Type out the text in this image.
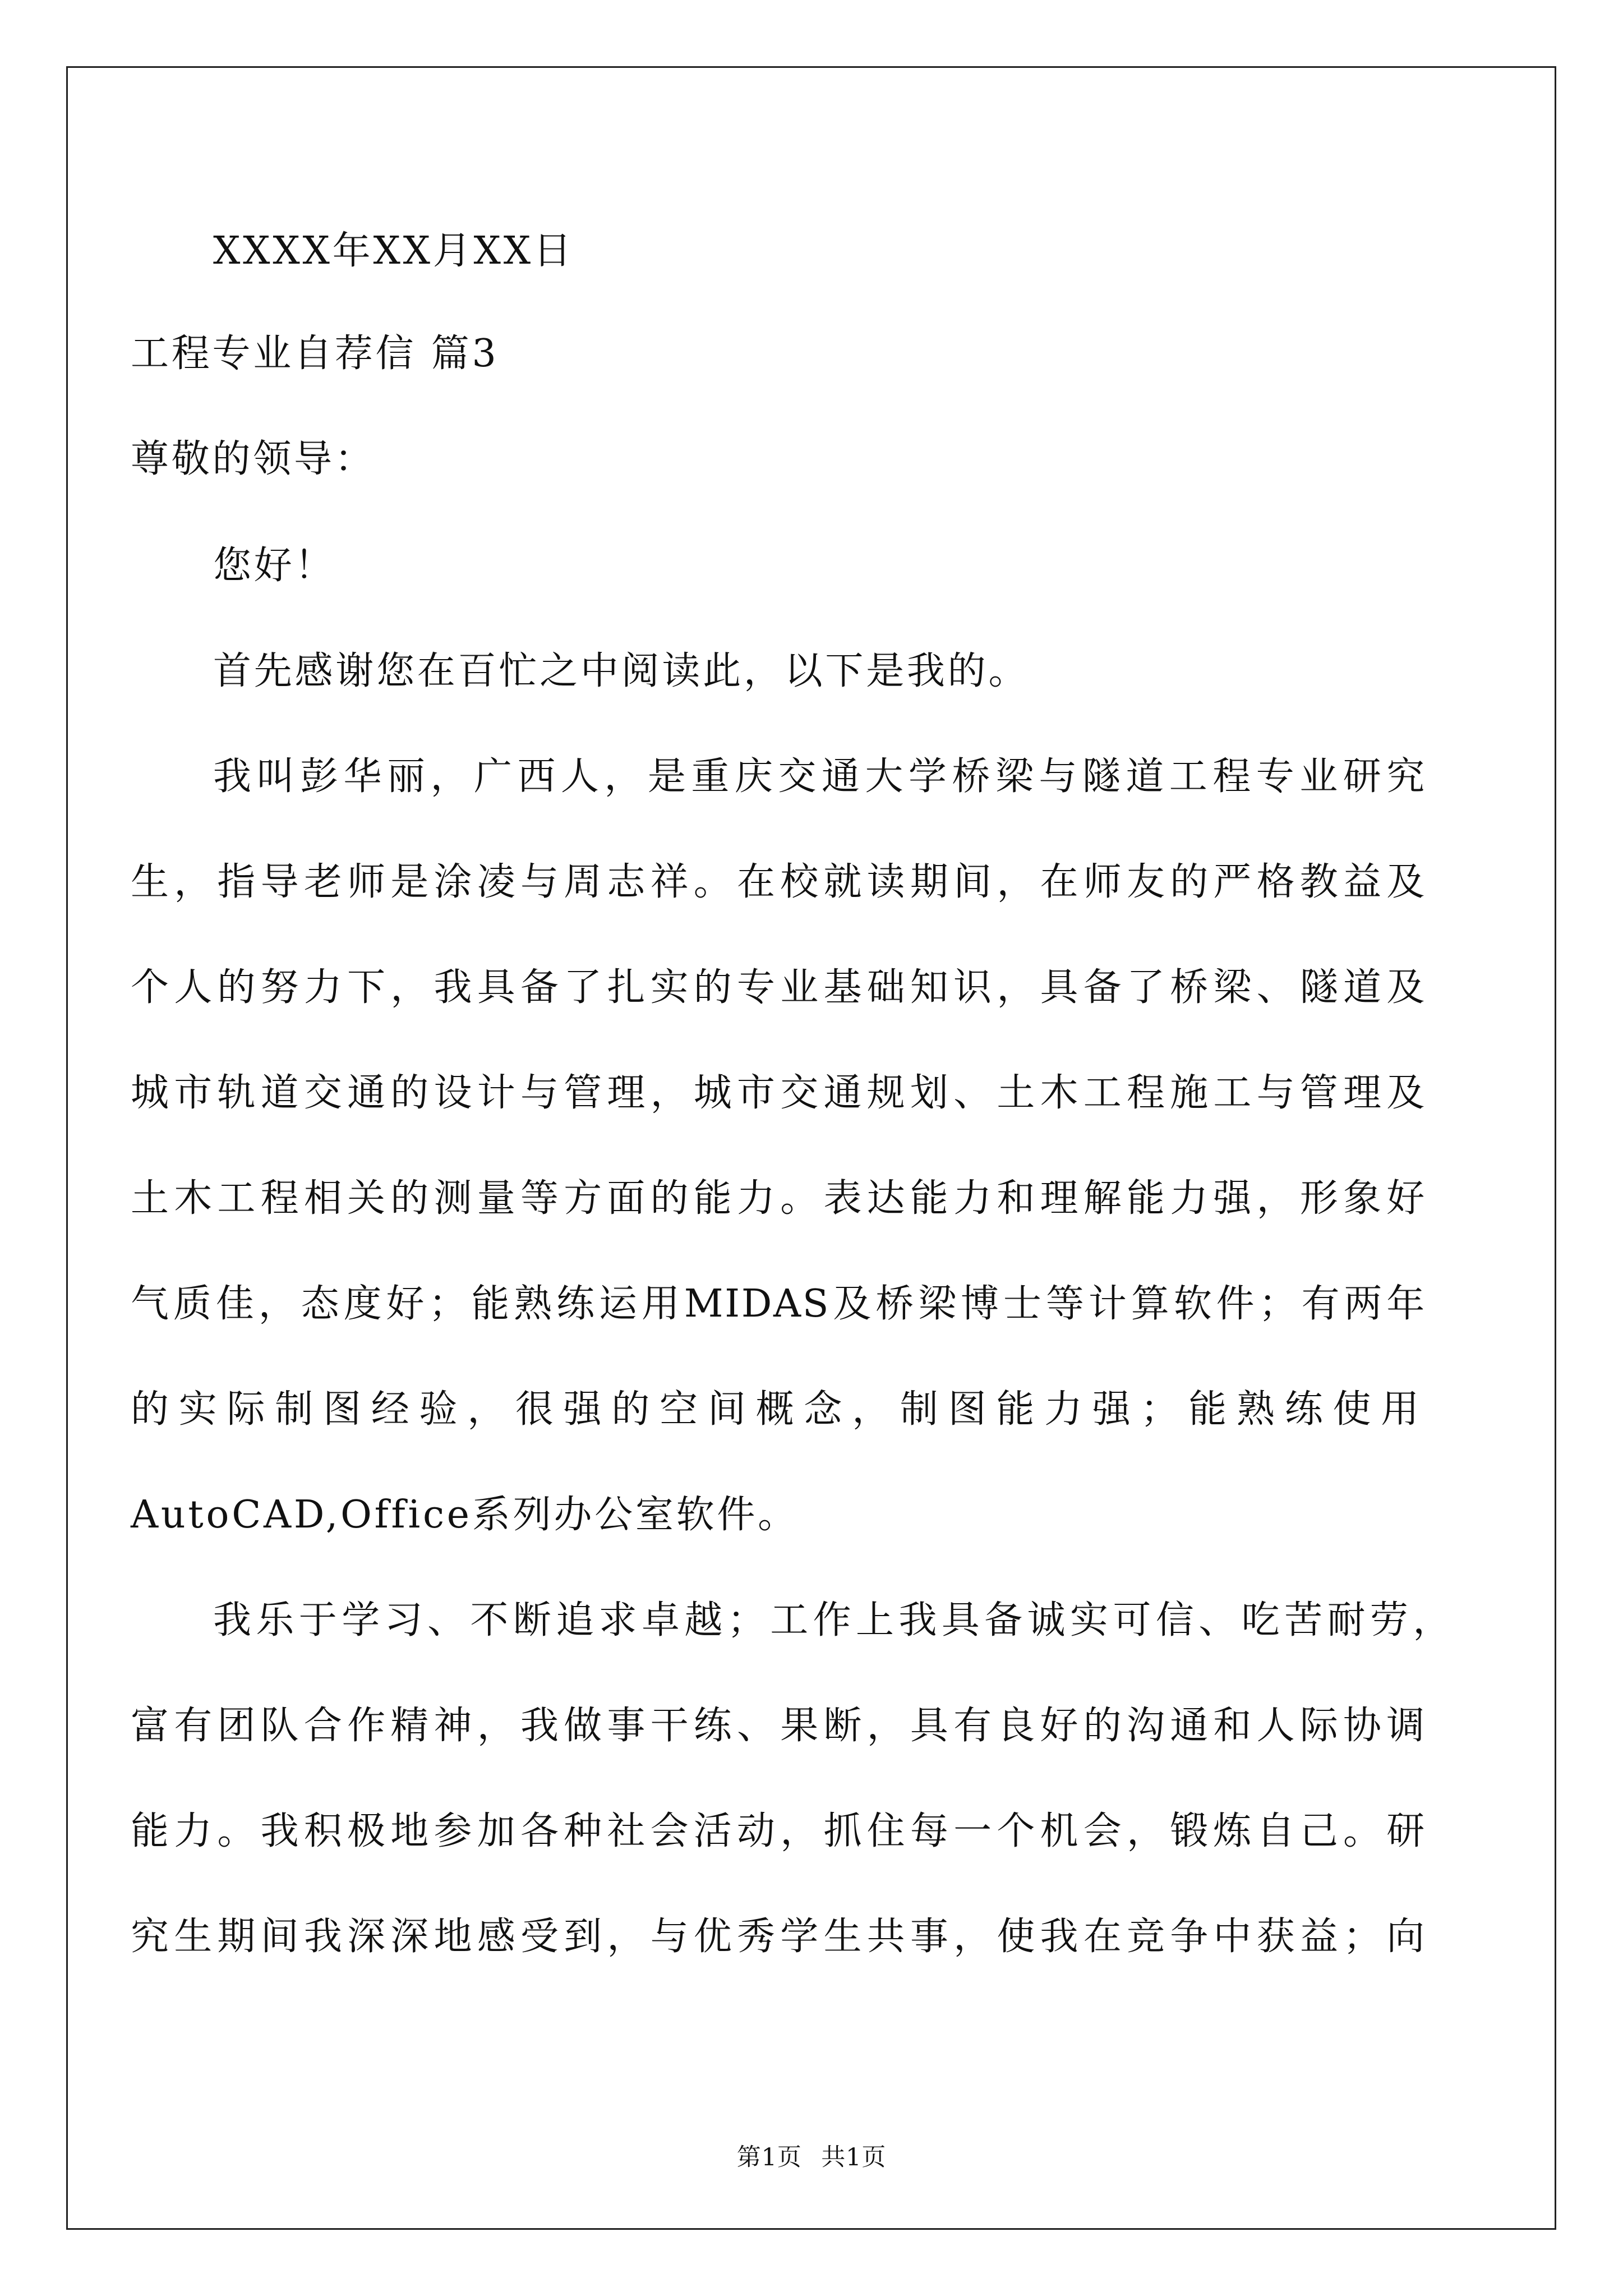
XXXX年XX月XX日
工程专业自荐信 篇3
尊敬的领导：
您好！
首先感谢您在百忙之中阅读此，以下是我的。
我叫彭华丽，广西人，是重庆交通大学桥梁与隧道工程专业研究
生，指导老师是涂凌与周志祥。在校就读期间，在师友的严格教益及
个人的努力下，我具备了扎实的专业基础知识，具备了桥梁、隧道及
城市轨道交通的设计与管理，城市交通规划、土木工程施工与管理及
土木工程相关的测量等方面的能力。表达能力和理解能力强，形象好
气质佳，态度好；能熟练运用MIDAS及桥梁博士等计算软件；有两年
的实际制图经验，很强的空间概念，制图能力强；能熟练使用
AutoCAD,Office系列办公室软件。
我乐于学习、不断追求卓越；工作上我具备诚实可信、吃苦耐劳，
富有团队合作精神，我做事干练、果断，具有良好的沟通和人际协调
能力。我积极地参加各种社会活动，抓住每一个机会，锻炼自己。研
究生期间我深深地感受到，与优秀学生共事，使我在竞争中获益；向
第1页 共1页
